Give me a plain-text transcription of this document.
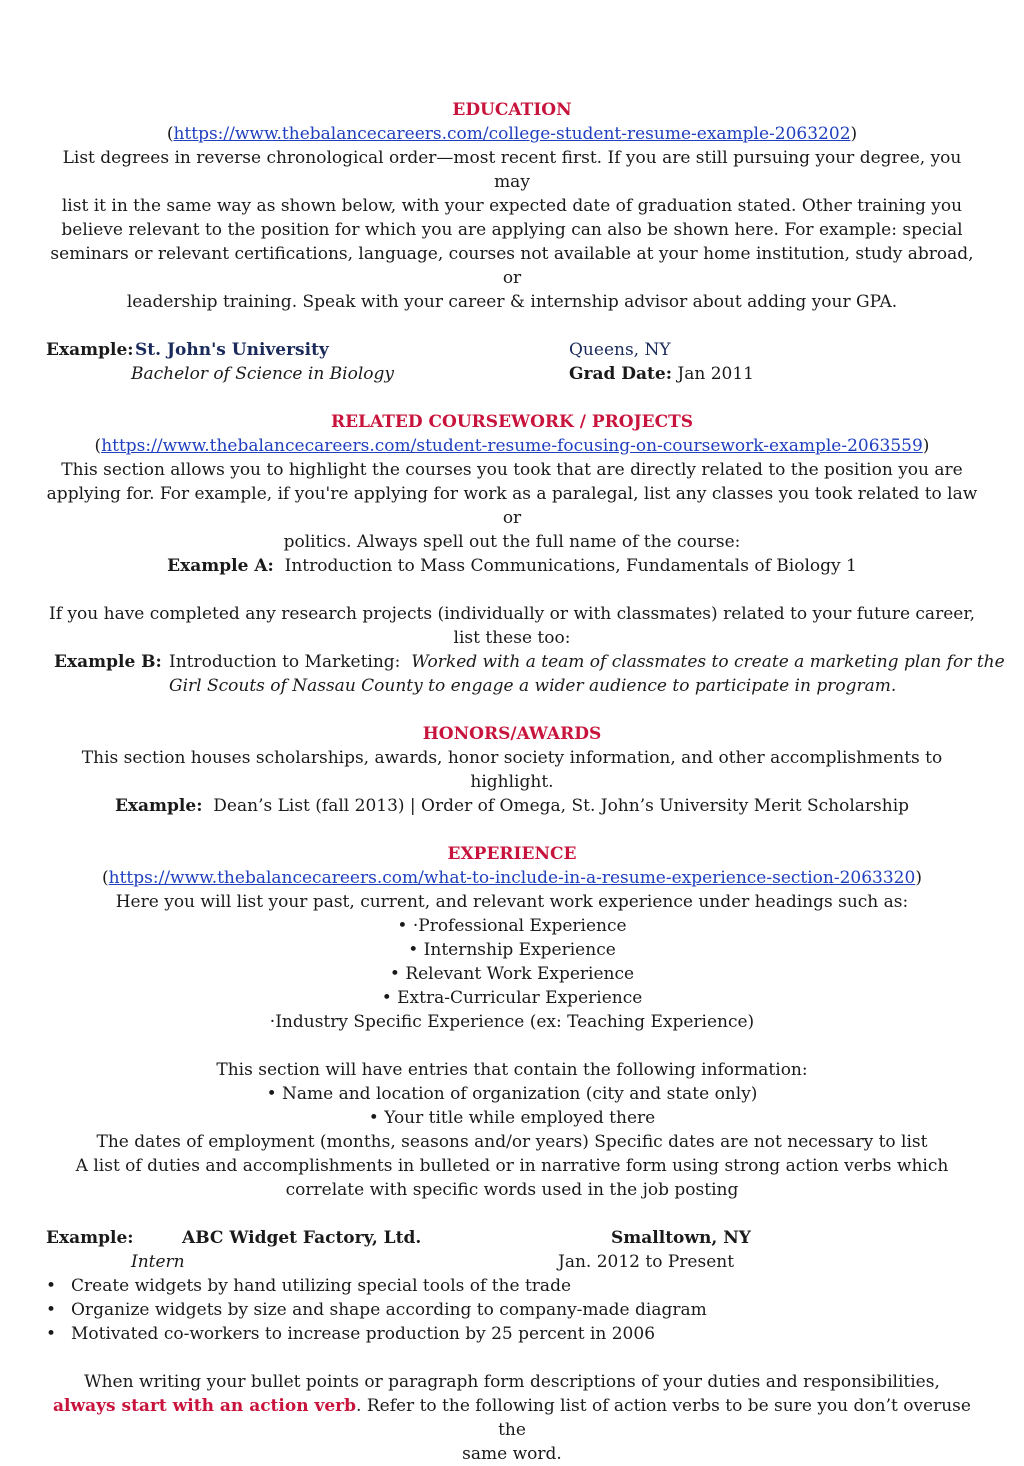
EDUCATION
(https://www.thebalancecareers.com/college-student-resume-example-2063202)
List degrees in reverse chronological order—most recent first. If you are still pursuing your degree, you may
list it in the same way as shown below, with your expected date of graduation stated. Other training you
believe relevant to the position for which you are applying can also be shown here. For example: special
seminars or relevant certifications, language, courses not available at your home institution, study abroad, or
leadership training. Speak with your career & internship advisor about adding your GPA.
Example: St. John's University	Queens, NY
Bachelor of Science in Biology	Grad Date: Jan 2011
RELATED COURSEWORK / PROJECTS
(https://www.thebalancecareers.com/student-resume-focusing-on-coursework-example-2063559)
This section allows you to highlight the courses you took that are directly related to the position you are
applying for. For example, if you're applying for work as a paralegal, list any classes you took related to law or
politics. Always spell out the full name of the course:
Example A: Introduction to Mass Communications, Fundamentals of Biology 1
If you have completed any research projects (individually or with classmates) related to your future career,
list these too:
Example B: Introduction to Marketing: Worked with a team of classmates to create a marketing plan for the
Girl Scouts of Nassau County to engage a wider audience to participate in program.
HONORS/AWARDS
This section houses scholarships, awards, honor society information, and other accomplishments to highlight.
Example: Dean’s List (fall 2013) | Order of Omega, St. John’s University Merit Scholarship
EXPERIENCE
(https://www.thebalancecareers.com/what-to-include-in-a-resume-experience-section-2063320)
Here you will list your past, current, and relevant work experience under headings such as:
• ·Professional Experience
• Internship Experience
• Relevant Work Experience
• Extra-Curricular Experience
·Industry Specific Experience (ex: Teaching Experience)
This section will have entries that contain the following information:
• Name and location of organization (city and state only)
• Your title while employed there
The dates of employment (months, seasons and/or years) Specific dates are not necessary to list
A list of duties and accomplishments in bulleted or in narrative form using strong action verbs which
correlate with specific words used in the job posting
Example:	ABC Widget Factory, Ltd.	Smalltown, NY
Intern	Jan. 2012 to Present
• Create widgets by hand utilizing special tools of the trade
• Organize widgets by size and shape according to company-made diagram
• Motivated co-workers to increase production by 25 percent in 2006
When writing your bullet points or paragraph form descriptions of your duties and responsibilities,
always start with an action verb. Refer to the following list of action verbs to be sure you don’t overuse the
same word.
